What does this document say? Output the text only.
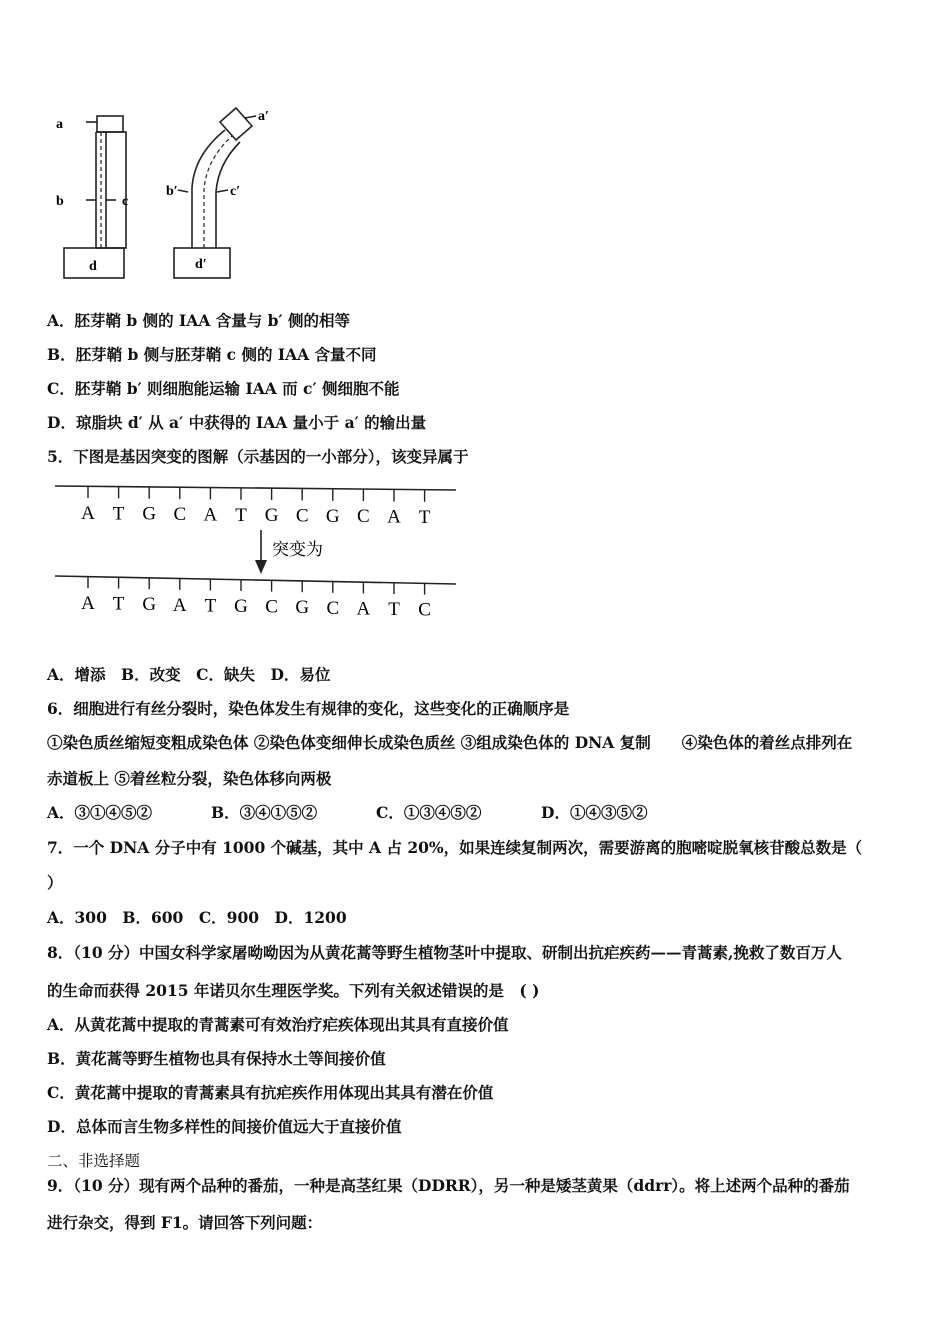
a
b	c
d
a′
b′	c′
d′
A．胚芽鞘 b 侧的 IAA 含量与 b′ 侧的相等
B．胚芽鞘 b 侧与胚芽鞘 c 侧的 IAA 含量不同
C．胚芽鞘 b′ 则细胞能运输 IAA 而 c′ 侧细胞不能
D．琼脂块 d′ 从 a′ 中获得的 IAA 量小于 a′ 的输出量
5．下图是基因突变的图解（示基因的一小部分），该变异属于
A T G C A T G C G C A T
突变为
A T G A T G C G C A T C
A．增添　B．改变　C．缺失　D．易位
6．细胞进行有丝分裂时，染色体发生有规律的变化，这些变化的正确顺序是
①染色质丝缩短变粗成染色体 ②染色体变细伸长成染色质丝 ③组成染色体的 DNA 复制　　④染色体的着丝点排列在
赤道板上 ⑤着丝粒分裂，染色体移向两极
A．③①④⑤②	B．③④①⑤②	C．①③④⑤②	D．①④③⑤②
7．一个 DNA 分子中有 1000 个碱基，其中 A 占 20%，如果连续复制两次，需要游离的胞嘧啶脱氧核苷酸总数是（
）
A．300　B．600　C．900　D．1200
8．（10 分）中国女科学家屠呦呦因为从黄花蒿等野生植物茎叶中提取、研制出抗疟疾药——青蒿素,挽救了数百万人
的生命而获得 2015 年诺贝尔生理医学奖。下列有关叙述错误的是　( )
A．从黄花蒿中提取的青蒿素可有效治疗疟疾体现出其具有直接价值
B．黄花蒿等野生植物也具有保持水土等间接价值
C．黄花蒿中提取的青蒿素具有抗疟疾作用体现出其具有潜在价值
D．总体而言生物多样性的间接价值远大于直接价值
二、非选择题
9．（10 分）现有两个品种的番茄，一种是高茎红果（DDRR），另一种是矮茎黄果（ddrr）。将上述两个品种的番茄
进行杂交，得到 F1。请回答下列问题：
